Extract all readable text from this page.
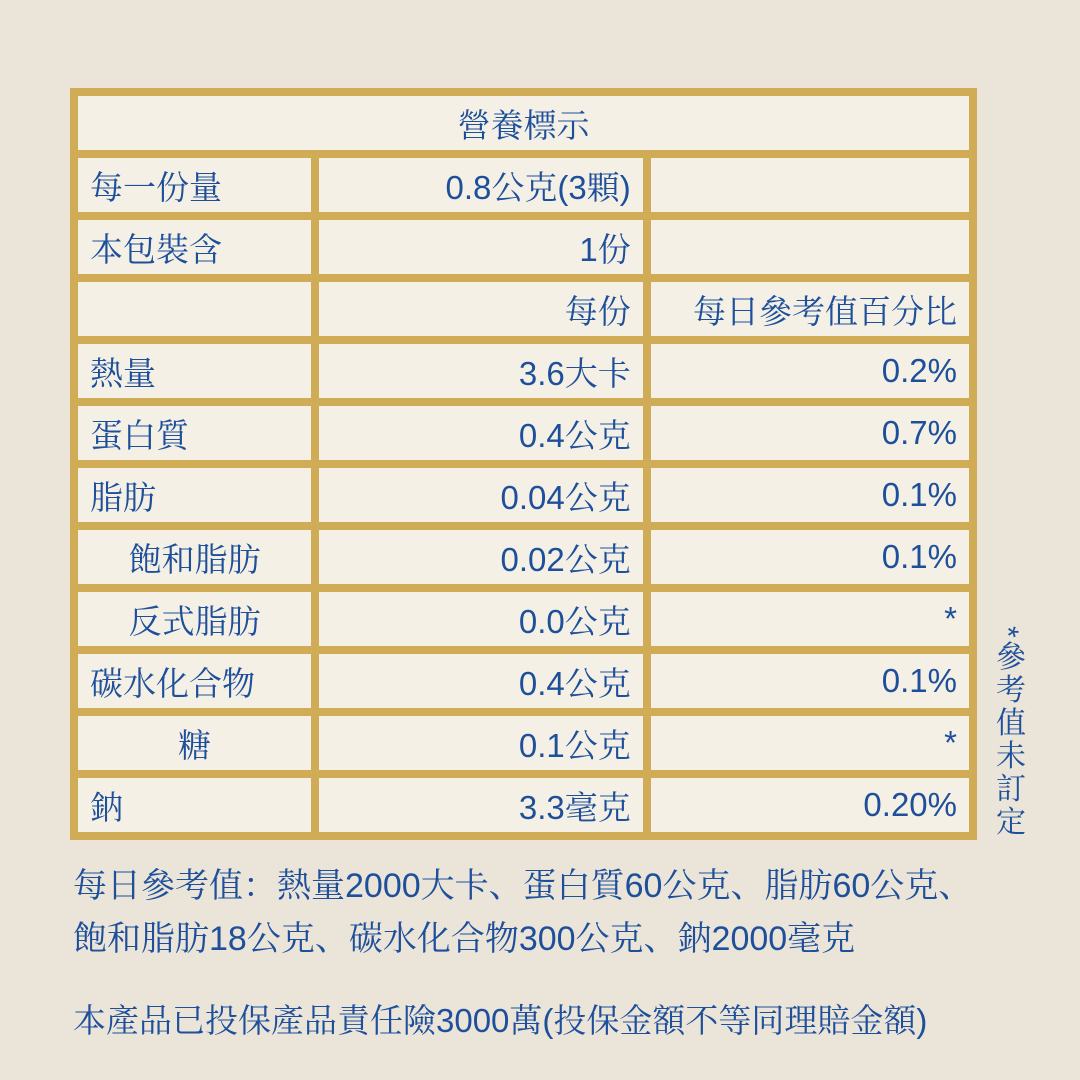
營養標示		
每一份量	0.8公克(3顆)	
本包裝含	1份	
	每份	每日參考值百分比
熱量	3.6大卡	0.2%
蛋白質	0.4公克	0.7%
脂肪	0.04公克	0.1%
飽和脂肪	0.02公克	0.1%
反式脂肪	0.0公克	*
碳水化合物	0.4公克	0.1%
糖	0.1公克	*
鈉	3.3毫克	0.20% *參考值未訂定
每日參考值：熱量2000大卡、蛋白質60公克、脂肪60公克、
飽和脂肪18公克、碳水化合物300公克、鈉2000毫克
本產品已投保產品責任險3000萬(投保金額不等同理賠金額)
